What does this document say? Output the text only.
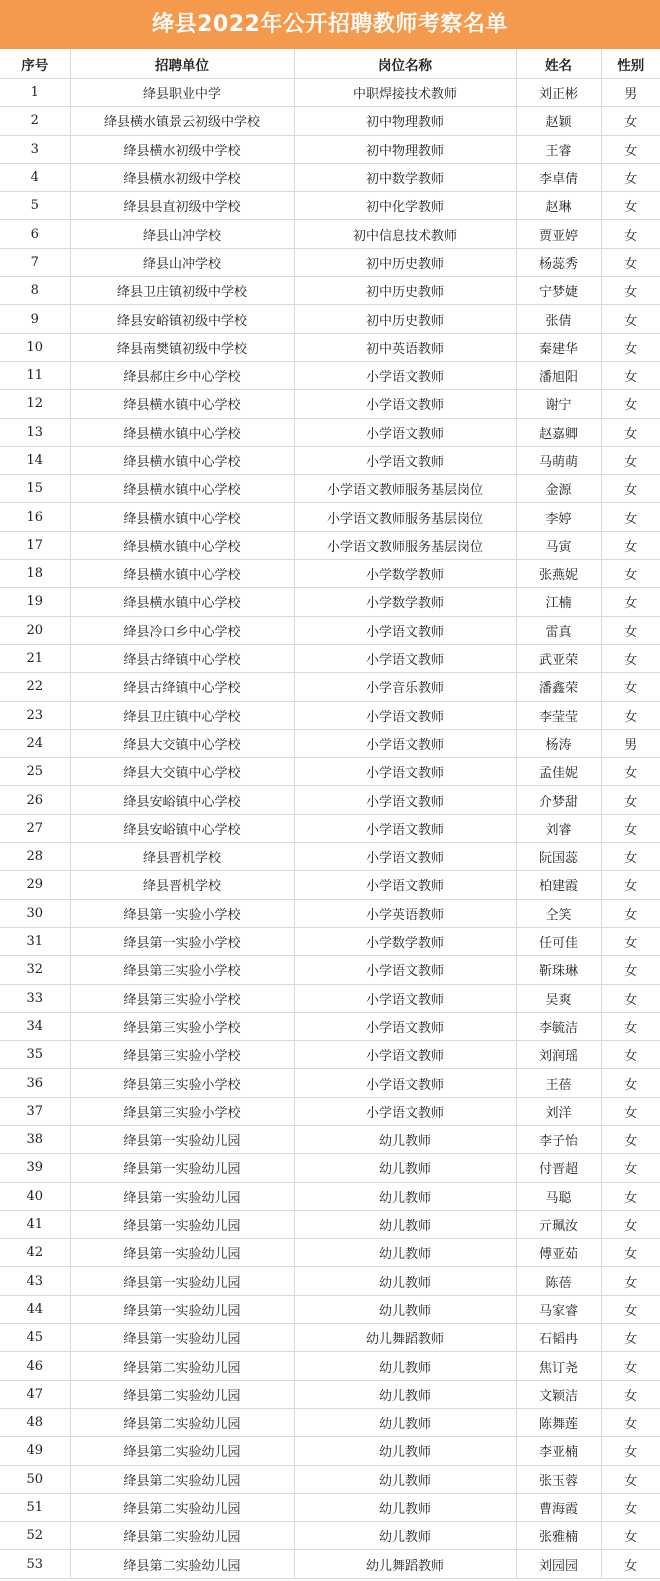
绛县2022年公开招聘教师考察名单
序号	招聘单位	岗位名称	姓名	性别
1	绛县职业中学	中职焊接技术教师	刘正彬	男
2	绛县横水镇景云初级中学校	初中物理教师	赵颖	女
3	绛县横水初级中学校	初中物理教师	王睿	女
4	绛县横水初级中学校	初中数学教师	李卓倩	女
5	绛县县直初级中学校	初中化学教师	赵琳	女
6	绛县山冲学校	初中信息技术教师	贾亚婷	女
7	绛县山冲学校	初中历史教师	杨蕊秀	女
8	绛县卫庄镇初级中学校	初中历史教师	宁梦婕	女
9	绛县安峪镇初级中学校	初中历史教师	张倩	女
10	绛县南樊镇初级中学校	初中英语教师	秦建华	女
11	绛县郝庄乡中心学校	小学语文教师	潘旭阳	女
12	绛县横水镇中心学校	小学语文教师	谢宁	女
13	绛县横水镇中心学校	小学语文教师	赵嘉卿	女
14	绛县横水镇中心学校	小学语文教师	马萌萌	女
15	绛县横水镇中心学校	小学语文教师服务基层岗位	金源	女
16	绛县横水镇中心学校	小学语文教师服务基层岗位	李婷	女
17	绛县横水镇中心学校	小学语文教师服务基层岗位	马寅	女
18	绛县横水镇中心学校	小学数学教师	张燕妮	女
19	绛县横水镇中心学校	小学数学教师	江楠	女
20	绛县冷口乡中心学校	小学语文教师	雷真	女
21	绛县古绛镇中心学校	小学语文教师	武亚荣	女
22	绛县古绛镇中心学校	小学音乐教师	潘鑫荣	女
23	绛县卫庄镇中心学校	小学语文教师	李莹莹	女
24	绛县大交镇中心学校	小学语文教师	杨涛	男
25	绛县大交镇中心学校	小学语文教师	孟佳妮	女
26	绛县安峪镇中心学校	小学语文教师	介梦甜	女
27	绛县安峪镇中心学校	小学语文教师	刘睿	女
28	绛县晋机学校	小学语文教师	阮国蕊	女
29	绛县晋机学校	小学语文教师	柏建霞	女
30	绛县第一实验小学校	小学英语教师	仝笑	女
31	绛县第一实验小学校	小学数学教师	任可佳	女
32	绛县第三实验小学校	小学语文教师	靳珠琳	女
33	绛县第三实验小学校	小学语文教师	吴爽	女
34	绛县第三实验小学校	小学语文教师	李毓洁	女
35	绛县第三实验小学校	小学语文教师	刘润瑶	女
36	绛县第三实验小学校	小学语文教师	王蓓	女
37	绛县第三实验小学校	小学语文教师	刘洋	女
38	绛县第一实验幼儿园	幼儿教师	李子怡	女
39	绛县第一实验幼儿园	幼儿教师	付晋超	女
40	绛县第一实验幼儿园	幼儿教师	马聪	女
41	绛县第一实验幼儿园	幼儿教师	亓珮汝	女
42	绛县第一实验幼儿园	幼儿教师	傅亚茹	女
43	绛县第一实验幼儿园	幼儿教师	陈蓓	女
44	绛县第一实验幼儿园	幼儿教师	马家睿	女
45	绛县第一实验幼儿园	幼儿舞蹈教师	石韬冉	女
46	绛县第二实验幼儿园	幼儿教师	焦订尧	女
47	绛县第二实验幼儿园	幼儿教师	文颖洁	女
48	绛县第二实验幼儿园	幼儿教师	陈舞莲	女
49	绛县第二实验幼儿园	幼儿教师	李亚楠	女
50	绛县第二实验幼儿园	幼儿教师	张玉蓉	女
51	绛县第二实验幼儿园	幼儿教师	曹海霞	女
52	绛县第二实验幼儿园	幼儿教师	张雅楠	女
53	绛县第二实验幼儿园	幼儿舞蹈教师	刘园园	女
